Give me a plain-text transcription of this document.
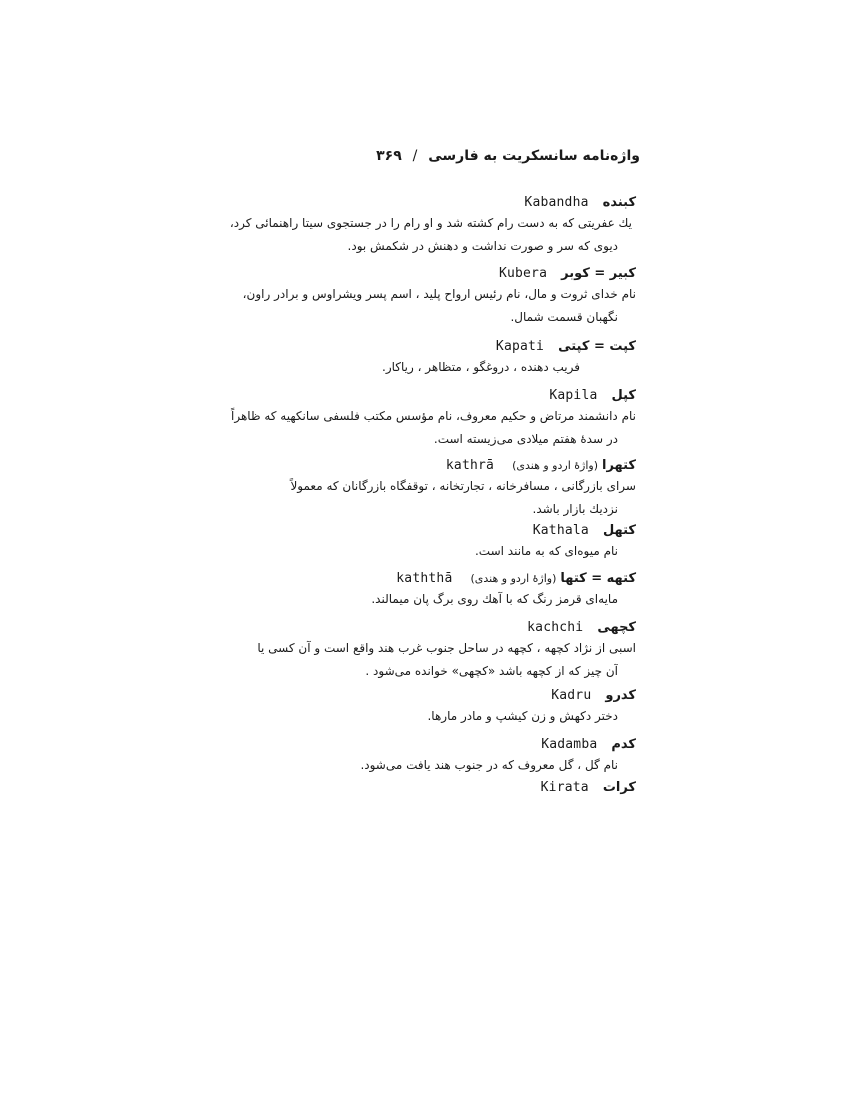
واژه‌نامه سانسکریت به فارسی / ۳۶۹
کبندهKabandha
یك عفریتی که به دست رام کشته شد و او رام را در جستجوی سیتا راهنمائی کرد،
دیوی که سر و صورت نداشت و دهنش در شکمش بود.
کبیر = کوبرKubera
نام خدای ثروت و مال، نام رئیس ارواح پلید ، اسم پسر ویشراوس و برادر راون،
نگهبان قسمت شمال.
کپت = کپتیKapati
فریب دهنده ، دروغگو ، متظاهر ، ریاکار.
کپلKapila
نام دانشمند مرتاض و حکیم معروف، نام مؤسس مکتب فلسفی سانکهیه که ظاهراً
در سدهٔ هفتم میلادی می‌زیسته است.
کتهرا(واژهٔ اردو و هندی)kathrā
سرای بازرگانی ، مسافرخانه ، تجارتخانه ، توقفگاه بازرگانان که معمولاً
نزدیك بازار باشد.
کتهلKathala
نام میوه‌ای که به مانند است.
کتهه = کتها(واژهٔ اردو و هندی)kaththā
مایه‌ای قرمز رنگ که با آهك روی برگ پان میمالند.
کچهیkachchi
اسبی از نژاد کچهه ، کچهه در ساحل جنوب غرب هند واقع است و آن کسی یا
آن چیز که از کچهه باشد «کچهی» خوانده می‌شود .
کدروKadru
دختر دکهش و زن کیشپ و مادر مارها.
کدمKadamba
نام گل ، گل معروف که در جنوب هند یافت می‌شود.
کراتKirata
